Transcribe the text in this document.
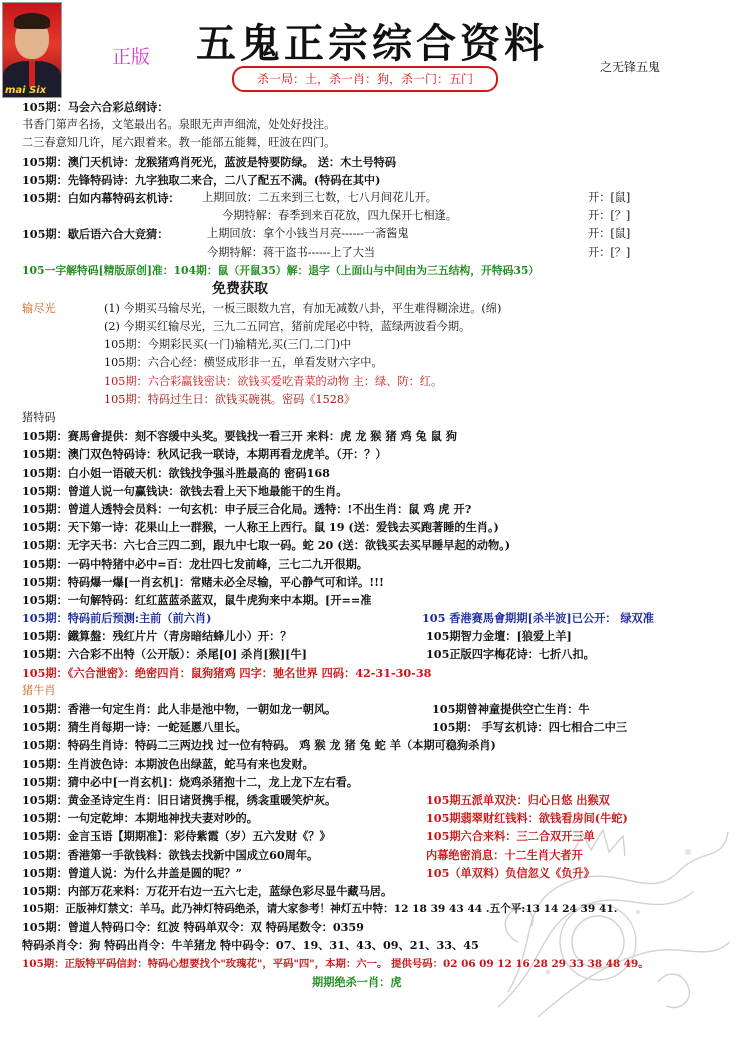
mai Six
正版 五鬼正宗综合资料
杀一局：土，杀一肖：狗，杀一门：五门
之无锋五鬼
105期：马会六合彩总纲诗：
书香门第声名扬，文笔最出名。泉眼无声声细流，处处好投注。
二三春意知几许，尾六跟着来。教一能部五能舞，旺波在四门。
105期：澳门天机诗：龙猴猪鸡肖死光，蓝波是特要防绿。 送：木土号特码
105期：先锋特码诗：九字独取二来合，二八了配五不满。(特码在其中)
105期：白如内幕特码玄机诗： 上期回放：二五来到三七数，七八月间花儿开。	开：[鼠]
今期特解：春季到来百花放，四九保开七相逢。	开：[？]
105期：歇后语六合大竞猜：	上期回放：拿个小钱当月亮------一斋酱鬼	开：[鼠]
今期特解：蒋干盗书------上了大当	开：[？]
105一字解特码[精版原创]准：104期：鼠（开鼠35）解：退字（上面山与中间由为三五结构，开特码35）
免费获取
输尽光	(1) 今期买马输尽光，一板三眼数九宫，有加无减数八卦，平生难得糊涂进。(绵)
(2) 今期买红输尽光，三九二五同宫，猪前虎尾必中特，蓝绿两波看今期。
105期：今期彩民买(一门)输精光,买(三门,二门)中
105期：六合心经：横竖成形非一五，单看发财六字中。
105期：六合彩赢钱密诀：欲钱买爱吃青菜的动物 主：绿、防：红。
105期：特码过生日：欲钱买碗祺。密码《1528》
猪特码
105期：赛馬會提供：刻不容缓中头奖。要钱找一看三开 来料：虎 龙 猴 猪 鸡 兔 鼠 狗
105期：澳门双色特码诗：秋风记我一联诗，本期再看龙虎羊。（开：？）
105期：白小姐一语破天机：欲钱找争强斗胜最高的 密码168
105期：曾道人说一句赢钱诀：欲钱去看上天下地最能干的生肖。
105期：曾道人透特会员料：一句玄机：申子辰三合化局。透特：!不出生肖：鼠 鸡 虎 开?
105期：天下第一诗：花果山上一群猴，一人称王上西行。鼠 19 (送：爱钱去买跑著睡的生肖。)
105期：无字天书：六七合三四二到，跟九中七取一码。蛇 20 (送：欲钱买去买早睡早起的动物。)
105期：一码中特猪中必中=百：龙壮四七发前峰，三七二九开很期。
105期：特码爆一爆[一肖玄机]：常赌未必全尽输，平心静气可和详。!!!
105期：一句解特码：红红蓝蓝杀蓝双，鼠牛虎狗来中本期。[开==准
105期：特码前后预测:主前（前六肖)	105 香港赛馬會期期[杀半波]已公开： 绿双准
105期：鐵算盤：残红片片（青房暗结蜂儿小）开：？	105期智力金壇：[狼爱上羊]
105期：六合彩不出特（公开版）：杀尾[0] 杀肖[猴][牛]	105正版四字梅花诗：七折八扣。
105期：《六合泄密》：绝密四肖：鼠狗猪鸡 四字：驰名世界 四码：42-31-30-38
猪牛肖
105期：香港一句定生肖：此人非是池中物，一朝如龙一朝风。	105期曾神童提供空亡生肖：牛
105期：猜生肖每期一诗：一蛇延慝八里长。	105期： 手写玄机诗：四七相合二中三
105期：特码生肖诗：特码二三两边找 过一位有特码。 鸡 猴 龙 猪 兔 蛇 羊（本期可稳狗杀肖)
105期：生肖波色诗：本期波色出绿蓝，蛇马有来也发财。
105期：猜中必中[一肖玄机]：烧鸡杀猪抱十二，龙上龙下左右看。
105期：黄金圣诗定生肖：旧日诸贤携手棍，绣衾重暖笑炉灰。	105期五派单双決：归心日悠 出猴双
105期：一句定乾坤：本期地神找夫妻对吵的。	105期翡翠财红钱料：欲钱看房间(牛蛇)
105期：金言玉语【期期准】：彩侍紫霞（岁）五六发财《？》	105期六合来料：三二合双开三单
105期：香港第一手欲钱料：欲钱去找新中国成立60周年。	内幕绝密消息：十二生肖大者开
105期：曾道人说：为什么井盖是圆的呢？”	105（单双料）负信忽义《负升》
105期：内部万花来料：万花开右边一五六七走，蓝绿色彩尽显牛藏马居。
105期：正版神灯禁文：羊马。此乃神灯特码绝杀，请大家参考！神灯五中特：12 18 39 43 44 .五个平:13 14 24 39 41.
105期：曾道人特码口令：红波 特码单双令：双 特码尾数令：0359
特码杀肖令：狗 特码出肖令：牛羊猪龙 特中码令：07、19、31、43、09、21、33、45
105期：正版特平码信封：特码心想要找个"玫瑰花"，平码"四"，本期：六一。 提供号码：02 06 09 12 16 28 29 33 38 48 49。
期期绝杀一肖：虎
